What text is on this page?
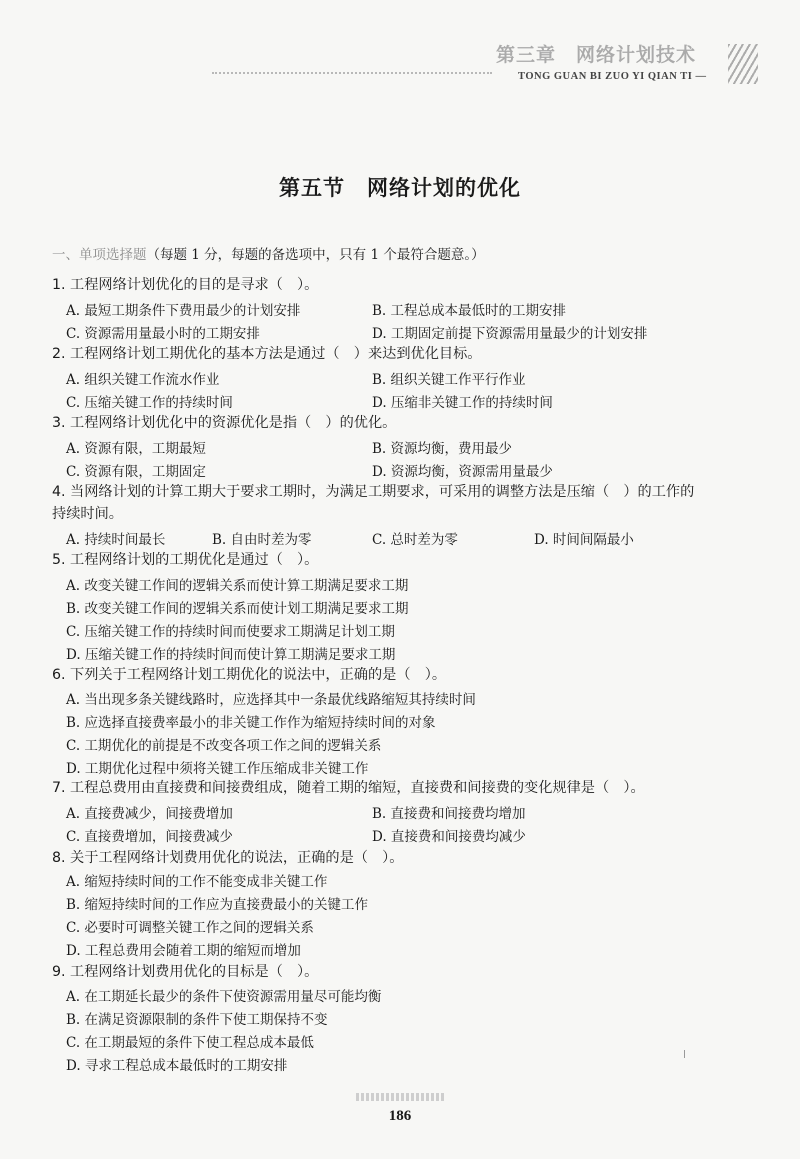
第三章　网络计划技术
TONG GUAN BI ZUO YI QIAN TI —
第五节　网络计划的优化
一、单项选择题（每题 1 分，每题的备选项中，只有 1 个最符合题意。）
1. 工程网络计划优化的目的是寻求（　）。
A. 最短工期条件下费用最少的计划安排	B. 工程总成本最低时的工期安排
C. 资源需用量最小时的工期安排	D. 工期固定前提下资源需用量最少的计划安排
2. 工程网络计划工期优化的基本方法是通过（　）来达到优化目标。
A. 组织关键工作流水作业	B. 组织关键工作平行作业
C. 压缩关键工作的持续时间	D. 压缩非关键工作的持续时间
3. 工程网络计划优化中的资源优化是指（　）的优化。
A. 资源有限，工期最短	B. 资源均衡，费用最少
C. 资源有限，工期固定	D. 资源均衡，资源需用量最少
4. 当网络计划的计算工期大于要求工期时，为满足工期要求，可采用的调整方法是压缩（　）的工作的
持续时间。
A. 持续时间最长	B. 自由时差为零	C. 总时差为零	D. 时间间隔最小
5. 工程网络计划的工期优化是通过（　）。
A. 改变关键工作间的逻辑关系而使计算工期满足要求工期
B. 改变关键工作间的逻辑关系而使计划工期满足要求工期
C. 压缩关键工作的持续时间而使要求工期满足计划工期
D. 压缩关键工作的持续时间而使计算工期满足要求工期
6. 下列关于工程网络计划工期优化的说法中，正确的是（　）。
A. 当出现多条关键线路时，应选择其中一条最优线路缩短其持续时间
B. 应选择直接费率最小的非关键工作作为缩短持续时间的对象
C. 工期优化的前提是不改变各项工作之间的逻辑关系
D. 工期优化过程中须将关键工作压缩成非关键工作
7. 工程总费用由直接费和间接费组成，随着工期的缩短，直接费和间接费的变化规律是（　）。
A. 直接费减少，间接费增加	B. 直接费和间接费均增加
C. 直接费增加，间接费减少	D. 直接费和间接费均减少
8. 关于工程网络计划费用优化的说法，正确的是（　）。
A. 缩短持续时间的工作不能变成非关键工作
B. 缩短持续时间的工作应为直接费最小的关键工作
C. 必要时可调整关键工作之间的逻辑关系
D. 工程总费用会随着工期的缩短而增加
9. 工程网络计划费用优化的目标是（　）。
A. 在工期延长最少的条件下使资源需用量尽可能均衡
B. 在满足资源限制的条件下使工期保持不变
C. 在工期最短的条件下使工程总成本最低
D. 寻求工程总成本最低时的工期安排
186
